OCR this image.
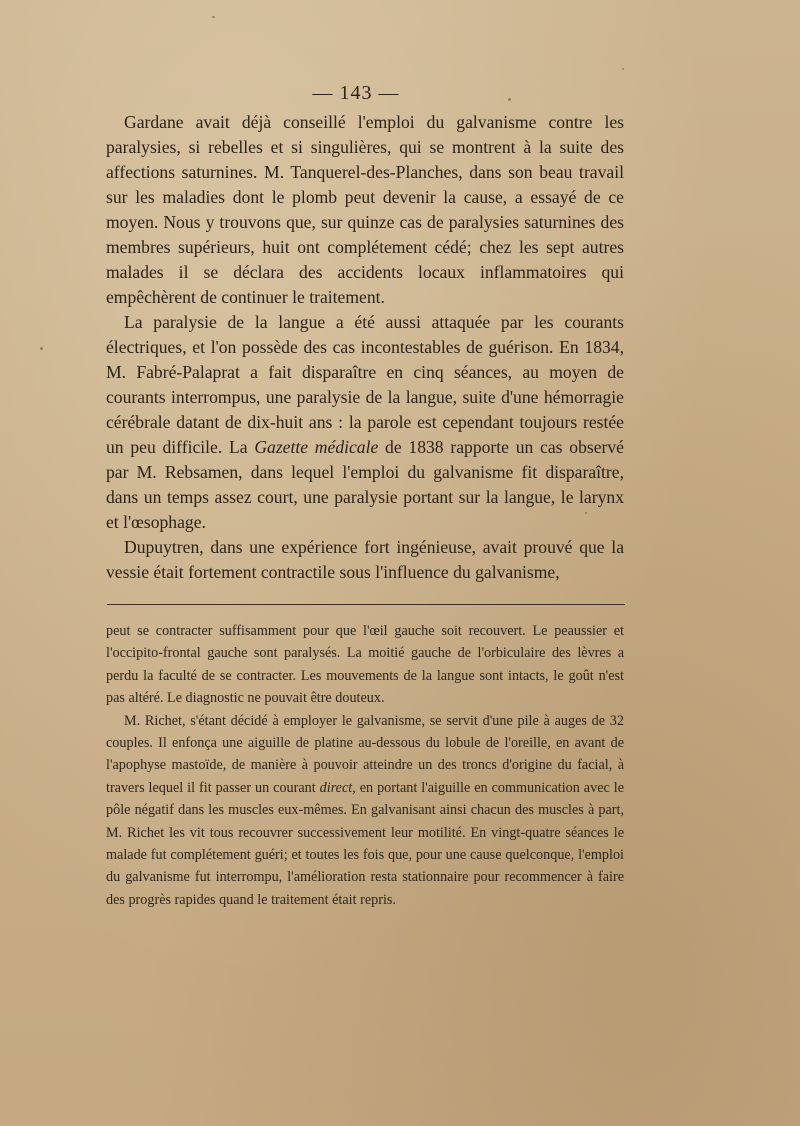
— 143 —

Gardane avait déjà conseillé l'emploi du galvanisme contre les paralysies, si rebelles et si singulières, qui se montrent à la suite des affections saturnines. M. Tanquerel-des-Planches, dans son beau travail sur les maladies dont le plomb peut devenir la cause, a essayé de ce moyen. Nous y trouvons que, sur quinze cas de paralysies saturnines des membres supérieurs, huit ont complétement cédé; chez les sept autres malades il se déclara des accidents locaux inflammatoires qui empêchèrent de continuer le traitement.

La paralysie de la langue a été aussi attaquée par les courants électriques, et l'on possède des cas incontestables de guérison. En 1834, M. Fabré-Palaprat a fait disparaître en cinq séances, au moyen de courants interrompus, une paralysie de la langue, suite d'une hémorragie cérébrale datant de dix-huit ans : la parole est cependant toujours restée un peu difficile. La Gazette médicale de 1838 rapporte un cas observé par M. Rebsamen, dans lequel l'emploi du galvanisme fit disparaître, dans un temps assez court, une paralysie portant sur la langue, le larynx et l'œsophage.

Dupuytren, dans une expérience fort ingénieuse, avait prouvé que la vessie était fortement contractile sous l'influence du galvanisme,

peut se contracter suffisamment pour que l'œil gauche soit recouvert. Le peaussier et l'occipito-frontal gauche sont paralysés. La moitié gauche de l'orbiculaire des lèvres a perdu la faculté de se contracter. Les mouvements de la langue sont intacts, le goût n'est pas altéré. Le diagnostic ne pouvait être douteux.

M. Richet, s'étant décidé à employer le galvanisme, se servit d'une pile à auges de 32 couples. Il enfonça une aiguille de platine au-dessous du lobule de l'oreille, en avant de l'apophyse mastoïde, de manière à pouvoir atteindre un des troncs d'origine du facial, à travers lequel il fit passer un courant direct, en portant l'aiguille en communication avec le pôle négatif dans les muscles eux-mêmes. En galvanisant ainsi chacun des muscles à part, M. Richet les vit tous recouvrer successivement leur motilité. En vingt-quatre séances le malade fut complétement guéri; et toutes les fois que, pour une cause quelconque, l'emploi du galvanisme fut interrompu, l'amélioration resta stationnaire pour recommencer à faire des progrès rapides quand le traitement était repris.
